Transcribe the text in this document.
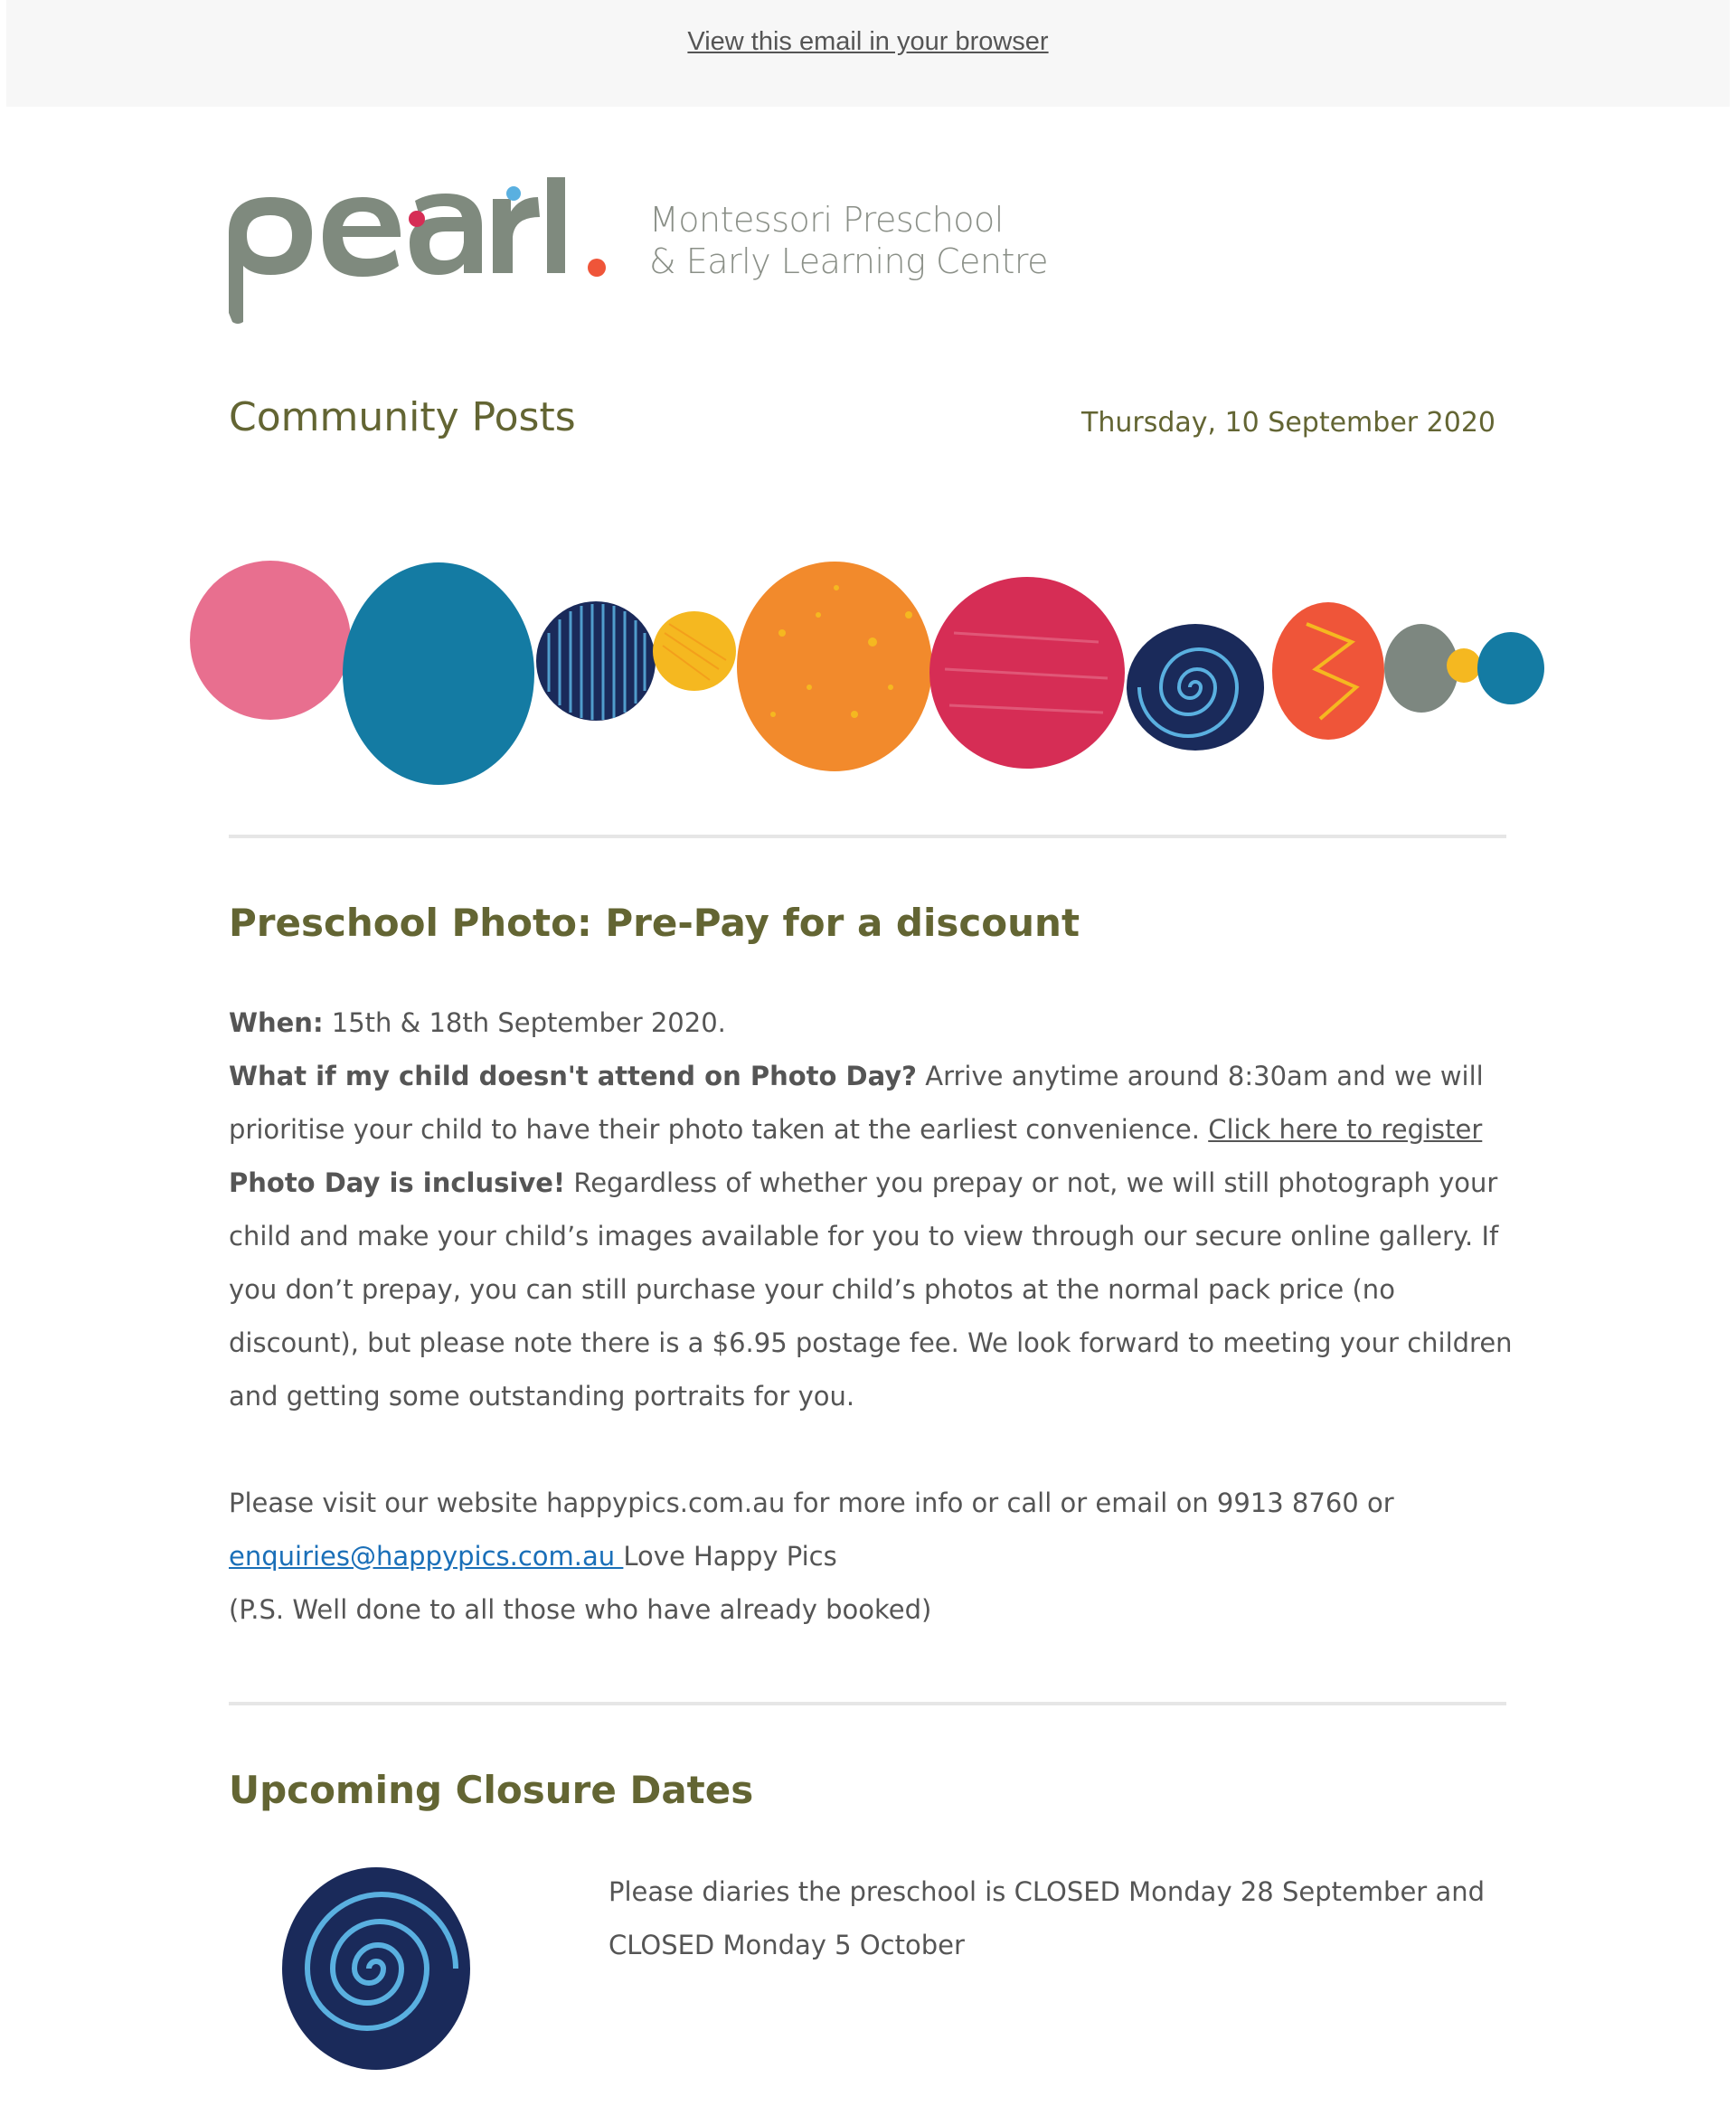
View this email in your browser
Montessori Preschool
& Early Learning Centre
Community Posts	Thursday, 10 September 2020
Preschool Photo: Pre-Pay for a discount

When: 15th & 18th September 2020.

What if my child doesn't attend on Photo Day? Arrive anytime around 8:30am and we will prioritise your child to have their photo taken at the earliest convenience. Click here to register

Photo Day is inclusive! Regardless of whether you prepay or not, we will still photograph your child and make your child’s images available for you to view through our secure online gallery. If you don’t prepay, you can still purchase your child’s photos at the normal pack price (no discount), but please note there is a $6.95 postage fee. We look forward to meeting your children and getting some outstanding portraits for you.

Please visit our website happypics.com.au for more info or call or email on 9913 8760 or enquiries@happypics.com.au Love Happy Pics

(P.S. Well done to all those who have already booked)

Upcoming Closure Dates
Please diaries the preschool is CLOSED Monday 28 September and CLOSED Monday 5 October
